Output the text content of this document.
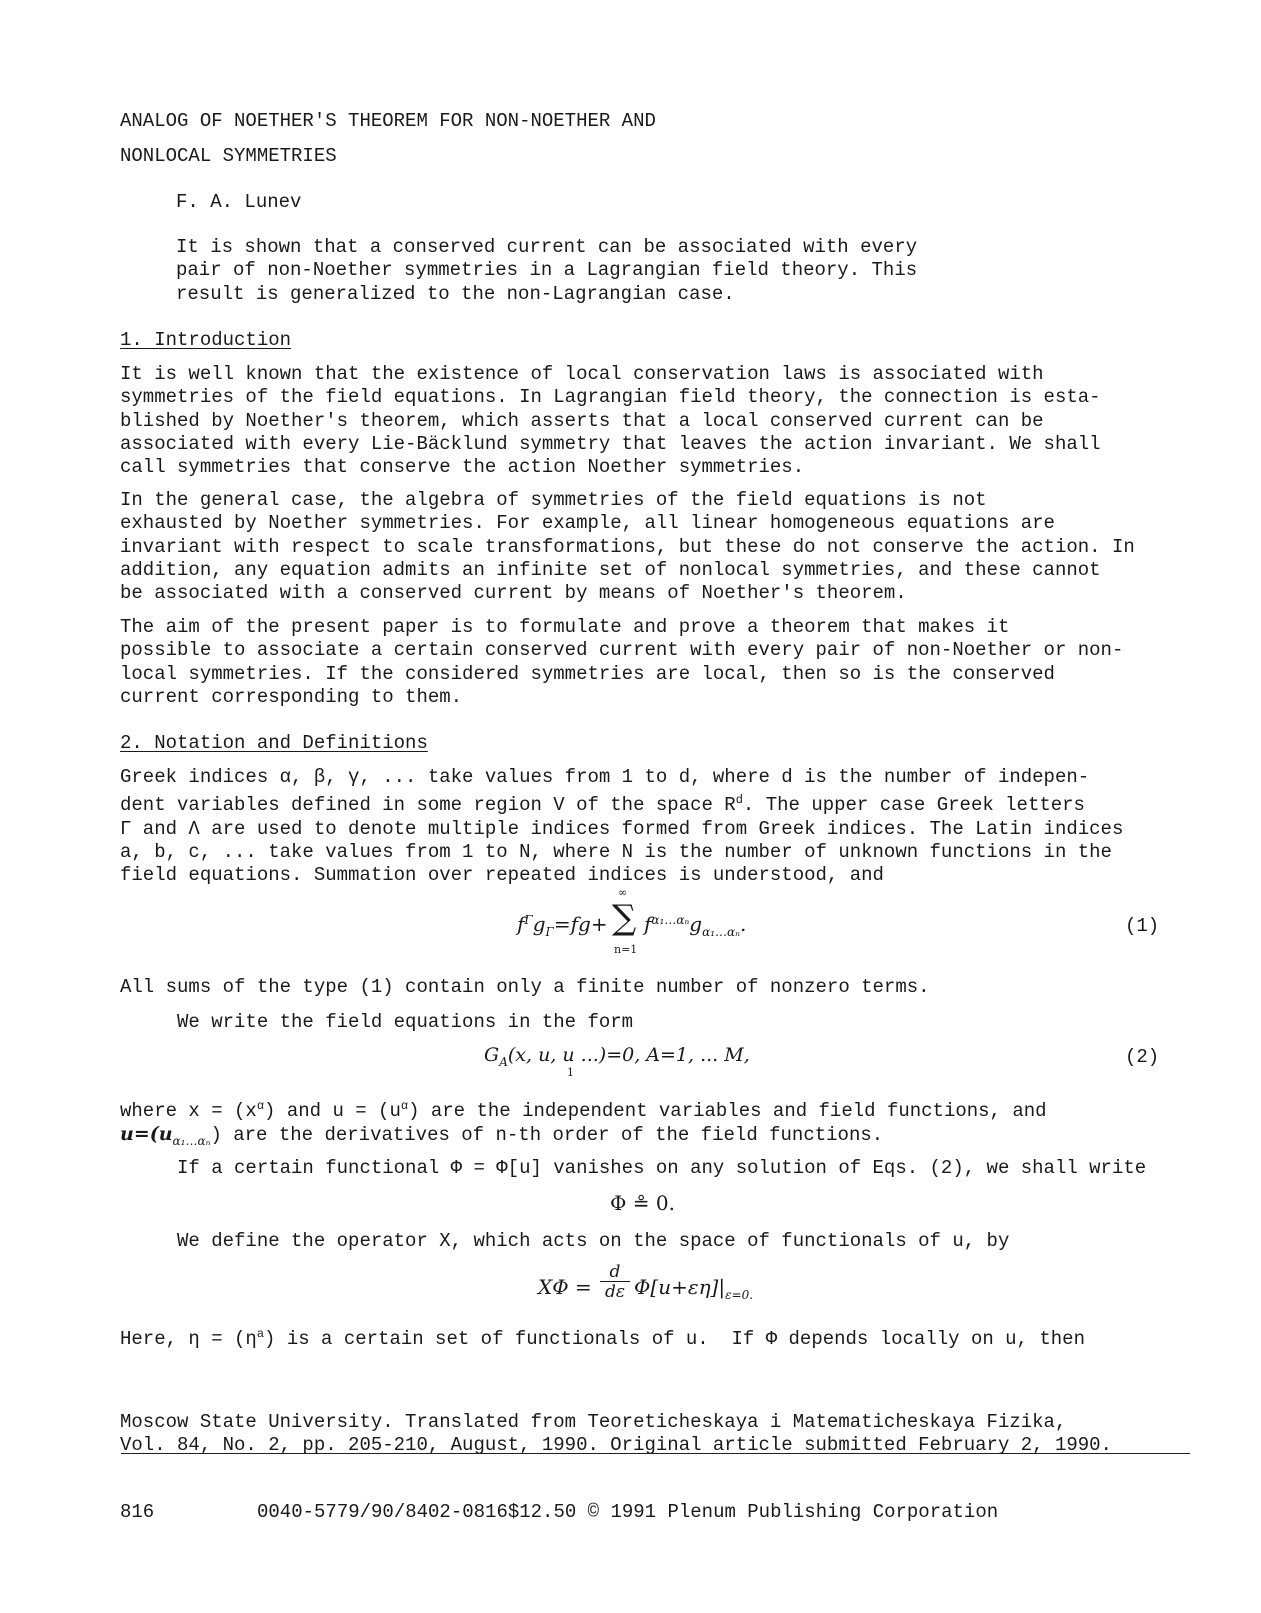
ANALOG OF NOETHER'S THEOREM FOR NON-NOETHER AND
NONLOCAL SYMMETRIES
F. A. Lunev
It is shown that a conserved current can be associated with every
pair of non-Noether symmetries in a Lagrangian field theory. This
result is generalized to the non-Lagrangian case.
1. Introduction
It is well known that the existence of local conservation laws is associated with
symmetries of the field equations. In Lagrangian field theory, the connection is esta-
blished by Noether's theorem, which asserts that a local conserved current can be
associated with every Lie-Bäcklund symmetry that leaves the action invariant. We shall
call symmetries that conserve the action Noether symmetries.
In the general case, the algebra of symmetries of the field equations is not
exhausted by Noether symmetries. For example, all linear homogeneous equations are
invariant with respect to scale transformations, but these do not conserve the action. In
addition, any equation admits an infinite set of nonlocal symmetries, and these cannot
be associated with a conserved current by means of Noether's theorem.
The aim of the present paper is to formulate and prove a theorem that makes it
possible to associate a certain conserved current with every pair of non-Noether or non-
local symmetries. If the considered symmetries are local, then so is the conserved
current corresponding to them.
2. Notation and Definitions
Greek indices α, β, γ, ... take values from 1 to d, where d is the number of indepen-
dent variables defined in some region V of the space $R^d$. The upper case Greek letters
Γ and Λ are used to denote multiple indices formed from Greek indices. The Latin indices
a, b, c, ... take values from 1 to N, where N is the number of unknown functions in the
field equations. Summation over repeated indices is understood, and
$f^\Gamma g_\Gamma=fg+$
∞
∑
n=1
$f^{\alpha_1\dots\alpha_n}g_{\alpha_1\dots\alpha_n}$.	(1)
All sums of the type (1) contain only a finite number of nonzero terms.
We write the field equations in the form
$G_A(x$, u, u ...)=0, A=1, ... M,
1
(2)
where $x = (x^\alpha)$ and $u = (u^\alpha)$ are the independent variables and field functions, and
$u=(u_{\alpha_1\dots\alpha_n})$ are the derivatives of n-th order of the field functions.
If a certain functional Φ = Φ[u] vanishes on any solution of Eqs. (2), we shall write
Φ ≗ 0.
We define the operator X, which acts on the space of functionals of u, by
XΦ =
d
dε $\Phi[u+\varepsilon\eta]|_{\varepsilon=0.}$
Here, $\eta = (\eta^a)$ is a certain set of functionals of u.  If Φ depends locally on u, then
Moscow State University. Translated from Teoreticheskaya i Matematicheskaya Fizika,
Vol. 84, No. 2, pp. 205-210, August, 1990. Original article submitted February 2, 1990.
816	0040-5779/90/8402-0816$12.50 © 1991 Plenum Publishing Corporation
